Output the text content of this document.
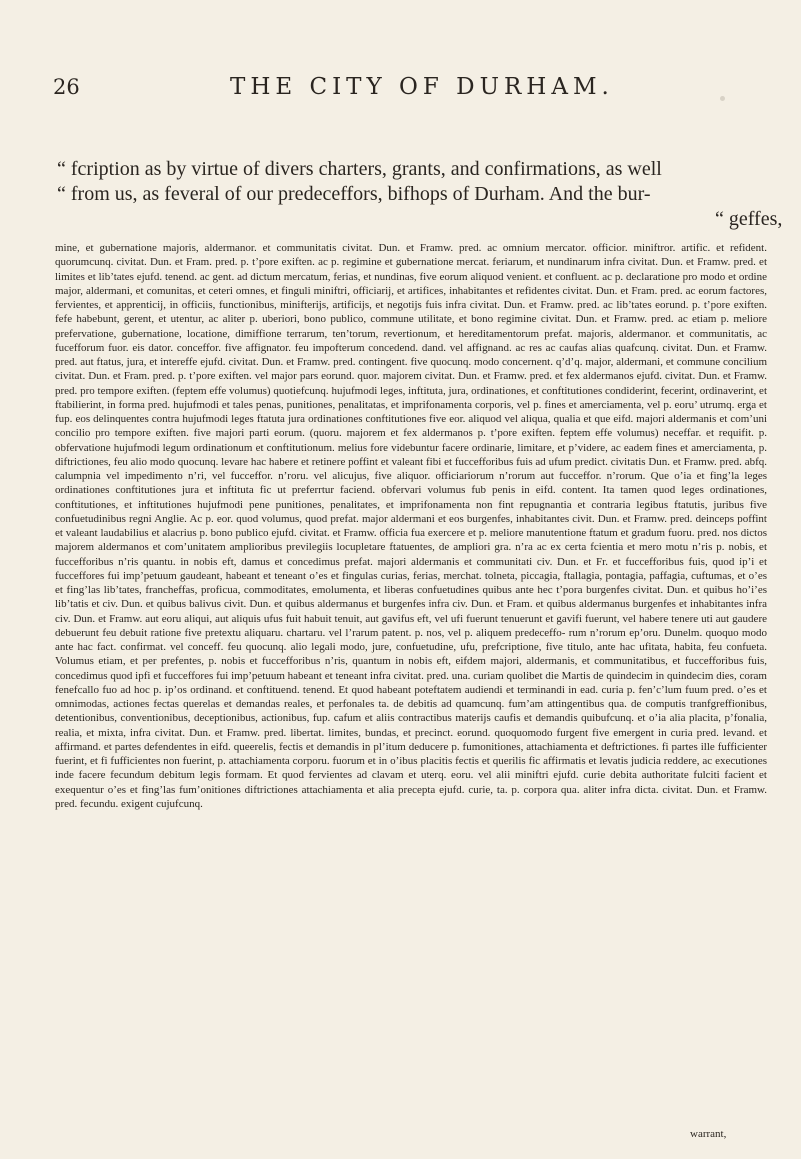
26	THE CITY OF DURHAM.
“ fcription as by virtue of divers charters, grants, and confirmations, as well
“ from us, as feveral of our predeceffors, bifhops of Durham. And the bur-
“ geffes,

mine, et gubernatione majoris, aldermanor. et communitatis civitat. Dun. et Framw. pred. ac omnium mercator. officior. miniftror. artific. et refident. quorumcunq. civitat. Dun. et Fram. pred. p. t’pore exiften. ac p. regimine et gubernatione mercat. feriarum, et nundinarum infra civitat. Dun. et Framw. pred. et limites et lib’tates ejufd. tenend. ac gent. ad dictum mercatum, ferias, et nundinas, five eorum aliquod venient. et confluent. ac p. declaratione pro modo et ordine major, aldermani, et comunitas, et ceteri omnes, et finguli miniftri, officiarij, et artifices, inhabitantes et refidentes civitat. Dun. et Fram. pred. ac eorum factores, fervientes, et apprenticij, in officiis, functionibus, minifterijs, artificijs, et negotijs fuis infra civitat. Dun. et Framw. pred. ac lib’tates eorund. p. t’pore exiften. fefe habebunt, gerent, et utentur, ac aliter p. uberiori, bono publico, commune utilitate, et bono regimine civitat. Dun. et Framw. pred. ac etiam p. meliore prefervatione, gubernatione, locatione, dimiffione terrarum, ten’torum, revertionum, et hereditamentorum prefat. majoris, aldermanor. et communitatis, ac fucefforum fuor. eis dator. conceffor. five affignator. feu impofterum concedend. dand. vel affignand. ac res ac caufas alias quafcunq. civitat. Dun. et Framw. pred. aut ftatus, jura, et intereffe ejufd. civitat. Dun. et Framw. pred. contingent. five quocunq. modo concernent. q’d’q. major, aldermani, et commune concilium civitat. Dun. et Fram. pred. p. t’pore exiften. vel major pars eorund. quor. majorem civitat. Dun. et Framw. pred. et fex aldermanos ejufd. civitat. Dun. et Framw. pred. pro tempore exiften. (feptem effe volumus) quotiefcunq. hujufmodi leges, inftituta, jura, ordinationes, et conftitutiones condiderint, fecerint, ordinaverint, et ftabilierint, in forma pred. hujufmodi et tales penas, punitiones, penalitatas, et imprifonamenta corporis, vel p. fines et amerciamenta, vel p. eoru’ utrumq. erga et fup. eos delinquentes contra hujufmodi leges ftatuta jura ordinationes conftitutiones five eor. aliquod vel aliqua, qualia et que eifd. majori aldermanis et com’uni concilio pro tempore exiften. five majori parti eorum. (quoru. majorem et fex aldermanos p. t’pore exiften. feptem effe volumus) neceffar. et requifit. p. obfervatione hujufmodi legum ordinationum et conftitutionum. melius fore videbuntur facere ordinarie, limitare, et p’videre, ac eadem fines et amerciamenta, p. diftrictiones, feu alio modo quocunq. levare hac habere et retinere poffint et valeant fibi et fuccefforibus fuis ad ufum predict. civitatis Dun. et Framw. pred. abfq. calumpnia vel impedimento n’ri, vel fucceffor. n’roru. vel alicujus, five aliquor. officiariorum n’rorum aut fucceffor. n’rorum. Que o’ia et fing’la leges ordinationes conftitutiones jura et inftituta fic ut preferrtur faciend. obfervari volumus fub penis in eifd. content. Ita tamen quod leges ordinationes, conftitutiones, et inftitutiones hujufmodi pene punitiones, penalitates, et imprifonamenta non fint repugnantia et contraria legibus ftatutis, juribus five confuetudinibus regni Anglie. Ac p. eor. quod volumus, quod prefat. major aldermani et eos burgenfes, inhabitantes civit. Dun. et Framw. pred. deinceps poffint et valeant laudabilius et alacrius p. bono publico ejufd. civitat. et Framw. officia fua exercere et p. meliore manutentione ftatum et gradum fuoru. pred. nos dictos majorem aldermanos et com’unitatem amplioribus previlegiis locupletare ftatuentes, de ampliori gra. n’ra ac ex certa fcientia et mero motu n’ris p. nobis, et fuccefforibus n’ris quantu. in nobis eft, damus et concedimus prefat. majori aldermanis et communitati civ. Dun. et Fr. et fuccefforibus fuis, quod ip’i et fucceffores fui imp’petuum gaudeant, habeant et teneant o’es et fingulas curias, ferias, merchat. tolneta, piccagia, ftallagia, pontagia, paffagia, cuftumas, et o’es et fing’las lib’tates, francheffas, proficua, commoditates, emolumenta, et liberas confuetudines quibus ante hec t’pora burgenfes civitat. Dun. et quibus ho’i’es lib’tatis et civ. Dun. et quibus balivus civit. Dun. et quibus aldermanus et burgenfes infra civ. Dun. et Fram. et quibus aldermanus burgenfes et inhabitantes infra civ. Dun. et Framw. aut eoru aliqui, aut aliquis ufus fuit habuit tenuit, aut gavifus eft, vel ufi fuerunt tenuerunt et gavifi fuerunt, vel habere tenere uti aut gaudere debuerunt feu debuit ratione five pretextu aliquaru. chartaru. vel l’rarum patent. p. nos, vel p. aliquem predeceffo- rum n’rorum ep’oru. Dunelm. quoquo modo ante hac fact. confirmat. vel conceff. feu quocunq. alio legali modo, jure, confuetudine, ufu, prefcriptione, five titulo, ante hac ufitata, habita, feu confueta. Volumus etiam, et per prefentes, p. nobis et fuccefforibus n’ris, quantum in nobis eft, eifdem majori, aldermanis, et communitatibus, et fuccefforibus fuis, concedimus quod ipfi et fucceffores fui imp’petuum habeant et teneant infra civitat. pred. una. curiam quolibet die Martis de quindecim in quindecim dies, coram fenefcallo fuo ad hoc p. ip’os ordinand. et conftituend. tenend. Et quod habeant poteftatem audiendi et terminandi in ead. curia p. fen’c’lum fuum pred. o’es et omnimodas, actiones fectas querelas et demandas reales, et perfonales ta. de debitis ad quamcunq. fum’am attingentibus qua. de computis tranfgreffionibus, detentionibus, conventionibus, deceptionibus, actionibus, fup. cafum et aliis contractibus materijs caufis et demandis quibufcunq. et o’ia alia placita, p’fonalia, realia, et mixta, infra civitat. Dun. et Framw. pred. libertat. limites, bundas, et precinct. eorund. quoquomodo furgent five emergent in curia pred. levand. et affirmand. et partes defendentes in eifd. queerelis, fectis et demandis in pl’itum deducere p. fumonitiones, attachiamenta et deftrictiones. fi partes ille fufficienter fuerint, et fi fufficientes non fuerint, p. attachiamenta corporu. fuorum et in o’ibus placitis fectis et querilis fic affirmatis et levatis judicia reddere, ac executiones inde facere fecundum debitum legis formam. Et quod fervientes ad clavam et uterq. eoru. vel alii miniftri ejufd. curie debita authoritate fulciti facient et exequentur o’es et fing’las fum’onitiones diftrictiones attachiamenta et alia precepta ejufd. curie, ta. p. corpora qua. aliter infra dicta. civitat. Dun. et Framw. pred. fecundu. exigent cujufcunq.

warrant,
